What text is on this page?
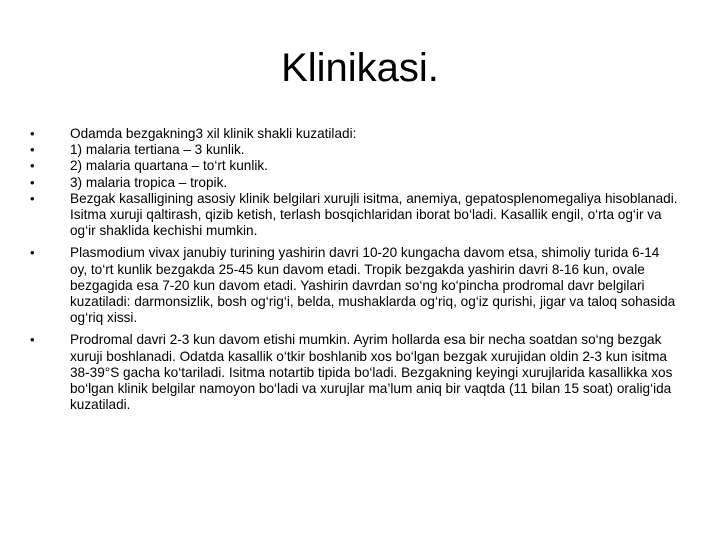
Klinikasi.
•	Odamda bezgakning3 xil klinik shakli kuzatiladi:
•	1) malaria tertiana – 3 kunlik.
•	2) malaria quartana – to‘rt kunlik.
•	3) malaria tropica – tropik.
•	Bezgak kasalligining asosiy klinik belgilari xurujli isitma, anemiya, gepatosplenomegaliya hisoblanadi. Isitma xuruji qaltirash, qizib ketish, terlash bosqichlaridan iborat bo‘ladi. Kasallik engil, o‘rta og‘ir va og‘ir shaklida kechishi mumkin.
•	Plasmodium vivax janubiy turining yashirin davri 10-20 kungacha davom etsa, shimoliy turida 6-14 oy, to‘rt kunlik bezgakda 25-45 kun davom etadi. Tropik bezgakda yashirin davri 8-16 kun, ovale bezgagida esa 7-20 kun davom etadi. Yashirin davrdan so‘ng ko‘pincha prodromal davr belgilari kuzatiladi: darmonsizlik, bosh og‘rig‘i, belda, mushaklarda og‘riq, og‘iz qurishi, jigar va taloq sohasida og‘riq xissi.
•	Prodromal davri 2-3 kun davom etishi mumkin. Ayrim hollarda esa bir necha soatdan so‘ng bezgak xuruji boshlanadi. Odatda kasallik o‘tkir boshlanib xos bo‘lgan bezgak xurujidan oldin 2-3 kun isitma 38-39°S gacha ko‘tariladi. Isitma notartib tipida bo‘ladi. Bezgakning keyingi xurujlarida kasallikka xos bo‘lgan klinik belgilar namoyon bo‘ladi va xurujlar ma’lum aniq bir vaqtda (11 bilan 15 soat) oralig‘ida kuzatiladi.
